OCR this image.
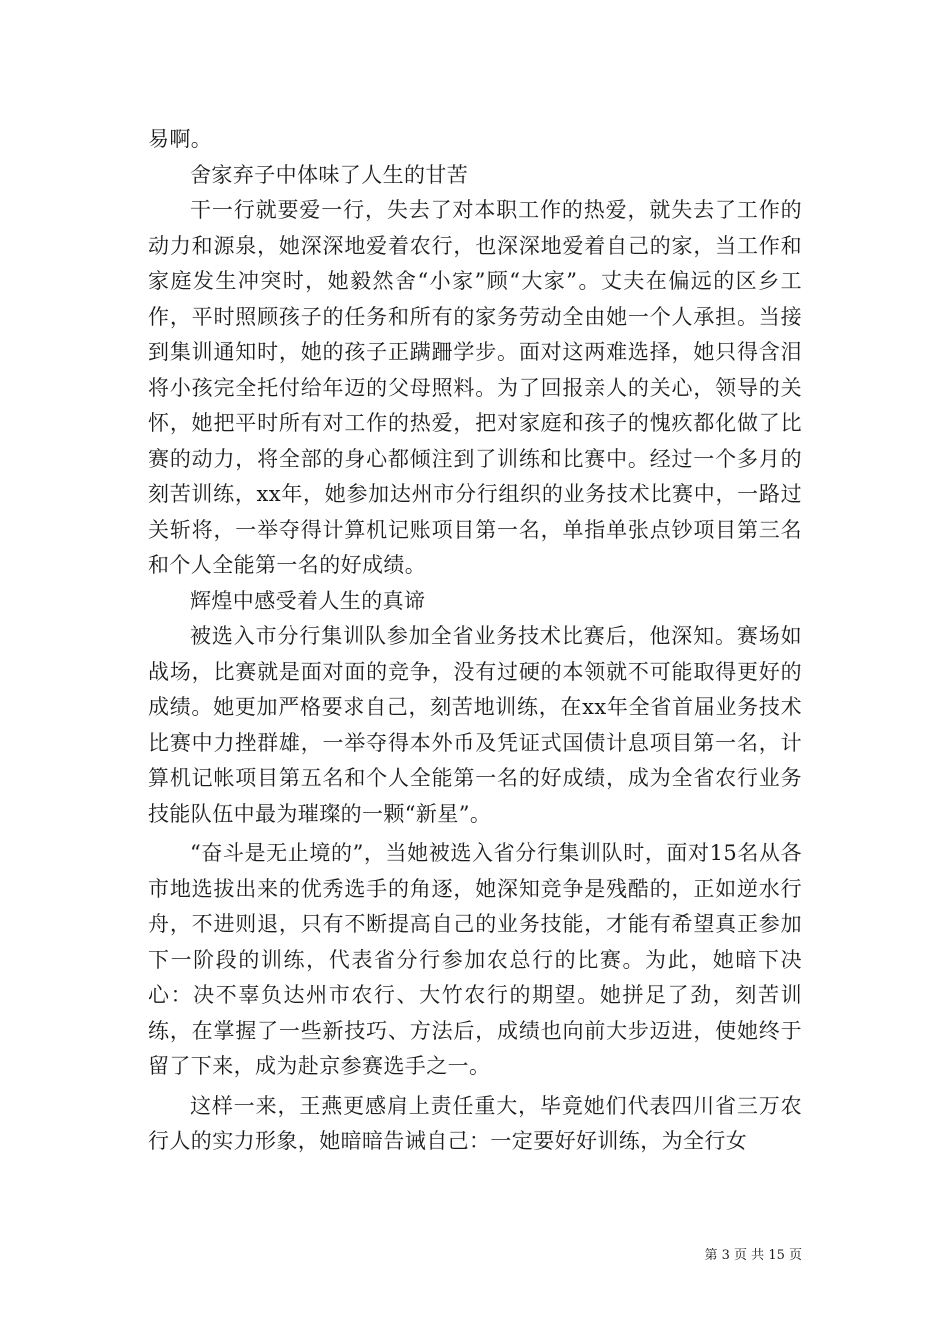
易啊。

舍家弃子中体味了人生的甘苦

干一行就要爱一行，失去了对本职工作的热爱，就失去了工作的动力和源泉，她深深地爱着农行，也深深地爱着自己的家，当工作和家庭发生冲突时，她毅然舍“小家”顾“大家”。丈夫在偏远的区乡工作，平时照顾孩子的任务和所有的家务劳动全由她一个人承担。当接到集训通知时，她的孩子正蹒跚学步。面对这两难选择，她只得含泪将小孩完全托付给年迈的父母照料。为了回报亲人的关心，领导的关怀，她把平时所有对工作的热爱，把对家庭和孩子的愧疚都化做了比赛的动力，将全部的身心都倾注到了训练和比赛中。经过一个多月的刻苦训练，xx年，她参加达州市分行组织的业务技术比赛中，一路过关斩将，一举夺得计算机记账项目第一名，单指单张点钞项目第三名和个人全能第一名的好成绩。

辉煌中感受着人生的真谛

被选入市分行集训队参加全省业务技术比赛后，他深知。赛场如战场，比赛就是面对面的竞争，没有过硬的本领就不可能取得更好的成绩。她更加严格要求自己，刻苦地训练，在xx年全省首届业务技术比赛中力挫群雄，一举夺得本外币及凭证式国债计息项目第一名，计算机记帐项目第五名和个人全能第一名的好成绩，成为全省农行业务技能队伍中最为璀璨的一颗“新星”。

“奋斗是无止境的”，当她被选入省分行集训队时，面对15名从各市地选拔出来的优秀选手的角逐，她深知竞争是残酷的，正如逆水行舟，不进则退，只有不断提高自己的业务技能，才能有希望真正参加下一阶段的训练，代表省分行参加农总行的比赛。为此，她暗下决心：决不辜负达州市农行、大竹农行的期望。她拼足了劲，刻苦训练，在掌握了一些新技巧、方法后，成绩也向前大步迈进，使她终于留了下来，成为赴京参赛选手之一。

这样一来，王燕更感肩上责任重大，毕竟她们代表四川省三万农行人的实力形象，她暗暗告诫自己：一定要好好训练，为全行女

第 3 页 共 15 页
